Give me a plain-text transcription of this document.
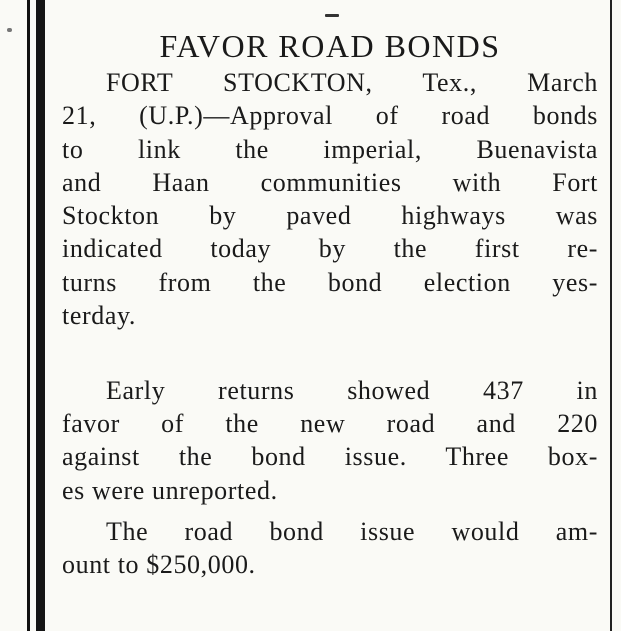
FAVOR ROAD BONDS
FORT STOCKTON, Tex., March
21, (U.P.)—Approval of road bonds
to link the imperial, Buenavista
and Haan communities with Fort
Stockton by paved highways was
indicated today by the first re-
turns from the bond election yes-
terday.
Early returns showed 437 in
favor of the new road and 220
against the bond issue. Three box-
es were unreported.
The road bond issue would am-
ount to $250,000.
